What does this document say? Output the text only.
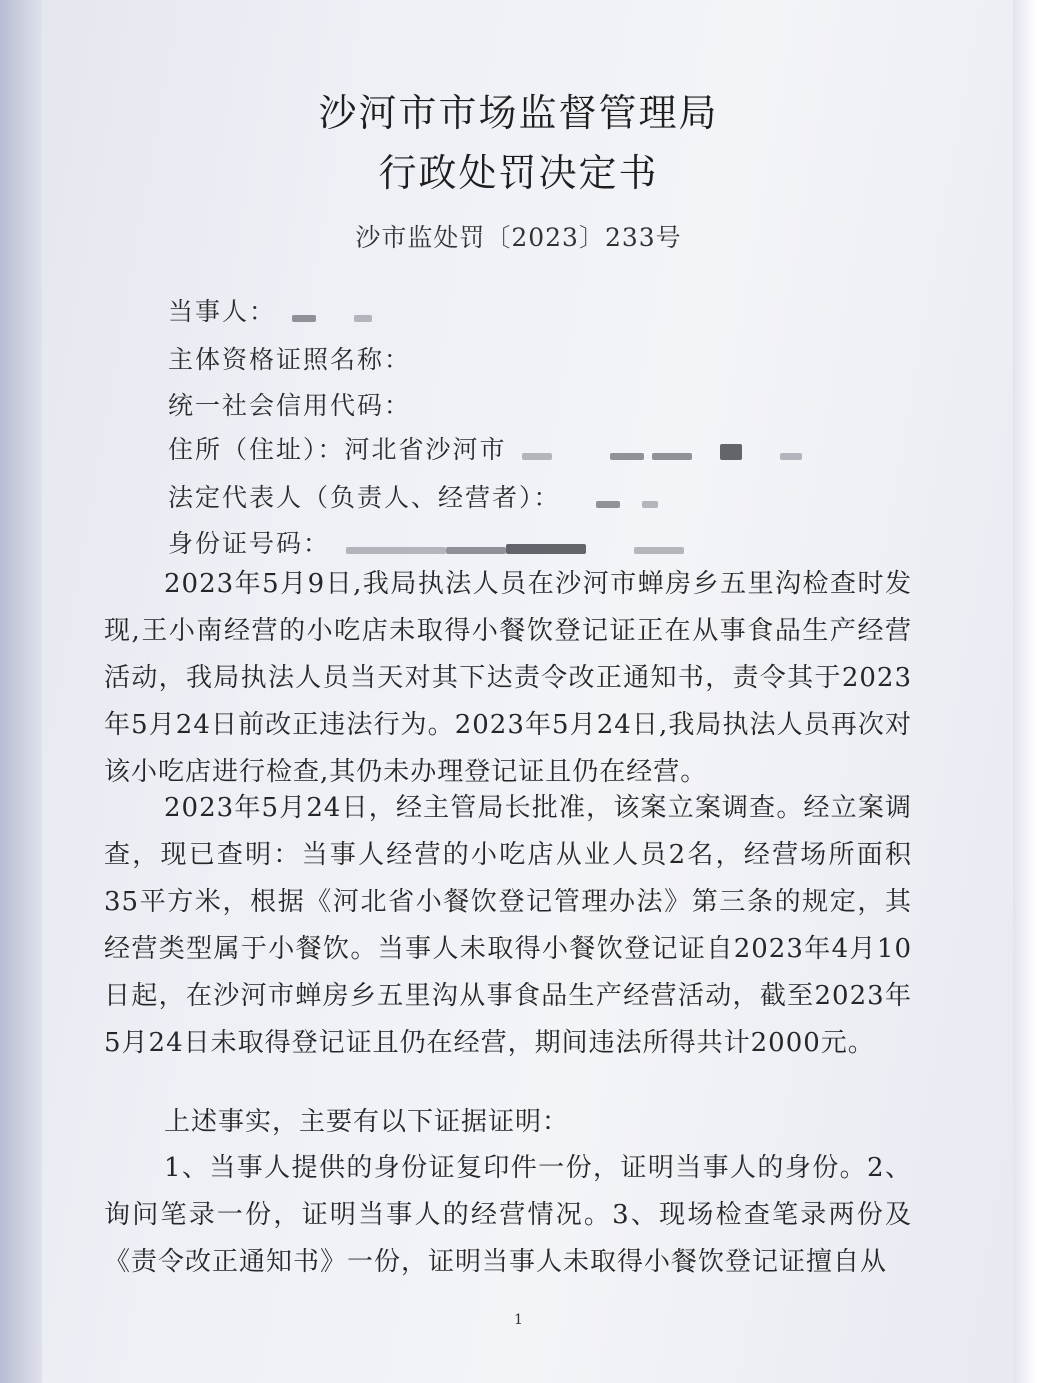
沙河市市场监督管理局
行政处罚决定书
沙市监处罚〔2023〕233号
当事人：
主体资格证照名称：
统一社会信用代码：
住所（住址）：河北省沙河市
法定代表人（负责人、经营者）：
身份证号码：
2023年5月9日,我局执法人员在沙河市蝉房乡五里沟检查时发现,王小南经营的小吃店未取得小餐饮登记证正在从事食品生产经营活动，我局执法人员当天对其下达责令改正通知书，责令其于2023年5月24日前改正违法行为。2023年5月24日,我局执法人员再次对该小吃店进行检查,其仍未办理登记证且仍在经营。
2023年5月24日，经主管局长批准，该案立案调查。经立案调查，现已查明：当事人经营的小吃店从业人员2名，经营场所面积35平方米，根据《河北省小餐饮登记管理办法》第三条的规定，其经营类型属于小餐饮。当事人未取得小餐饮登记证自2023年4月10日起，在沙河市蝉房乡五里沟从事食品生产经营活动，截至2023年5月24日未取得登记证且仍在经营，期间违法所得共计2000元。
上述事实，主要有以下证据证明：
1、当事人提供的身份证复印件一份，证明当事人的身份。2、询问笔录一份，证明当事人的经营情况。3、现场检查笔录两份及《责令改正通知书》一份，证明当事人未取得小餐饮登记证擅自从
1
